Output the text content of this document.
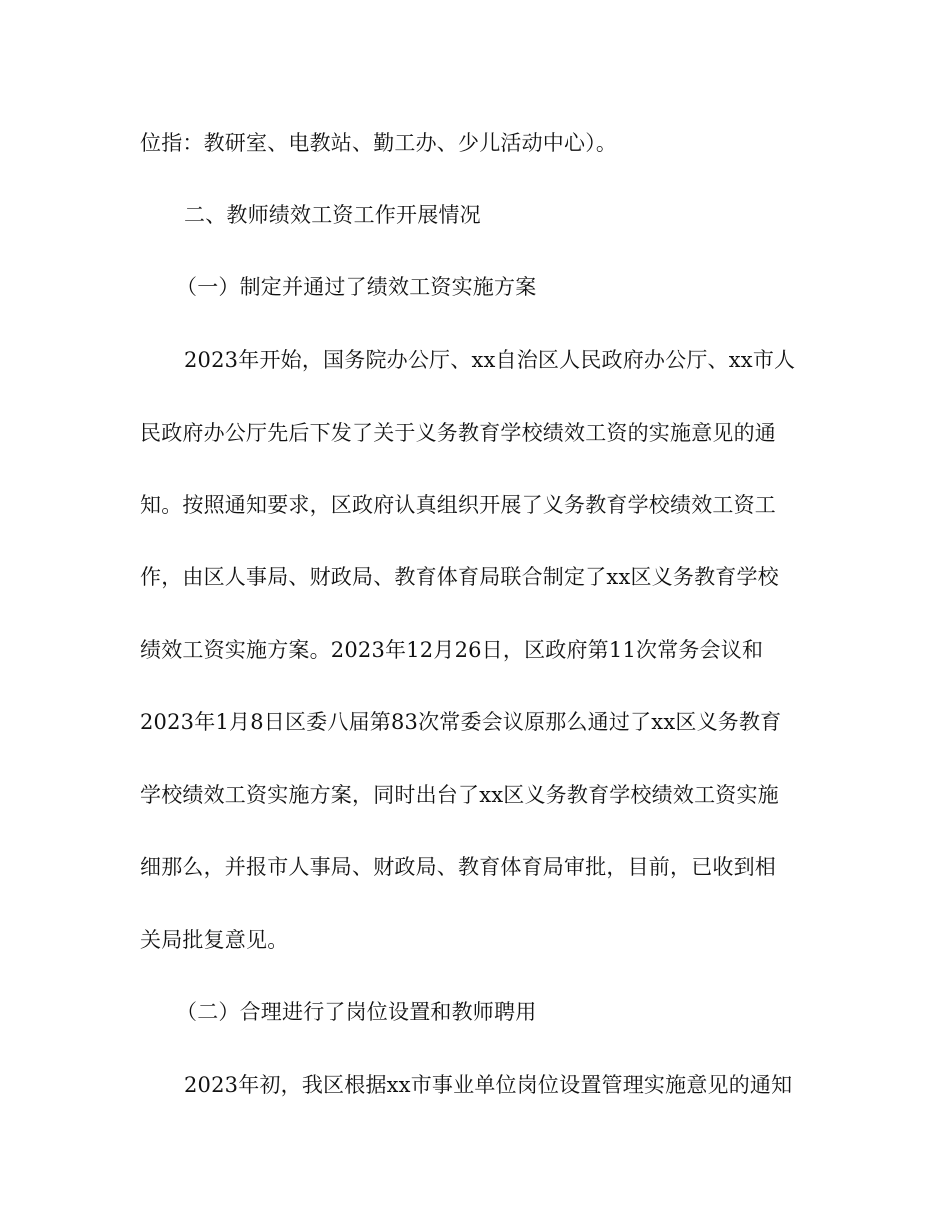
位指：教研室、电教站、勤工办、少儿活动中心）。

二、教师绩效工资工作开展情况

（一）制定并通过了绩效工资实施方案

2023年开始，国务院办公厅、xx自治区人民政府办公厅、xx市人

民政府办公厅先后下发了关于义务教育学校绩效工资的实施意见的通

知。按照通知要求，区政府认真组织开展了义务教育学校绩效工资工

作，由区人事局、财政局、教育体育局联合制定了xx区义务教育学校

绩效工资实施方案。2023年12月26日，区政府第11次常务会议和

2023年1月8日区委八届第83次常委会议原那么通过了xx区义务教育

学校绩效工资实施方案，同时出台了xx区义务教育学校绩效工资实施

细那么，并报市人事局、财政局、教育体育局审批，目前，已收到相

关局批复意见。

（二）合理进行了岗位设置和教师聘用

2023年初，我区根据xx市事业单位岗位设置管理实施意见的通知
